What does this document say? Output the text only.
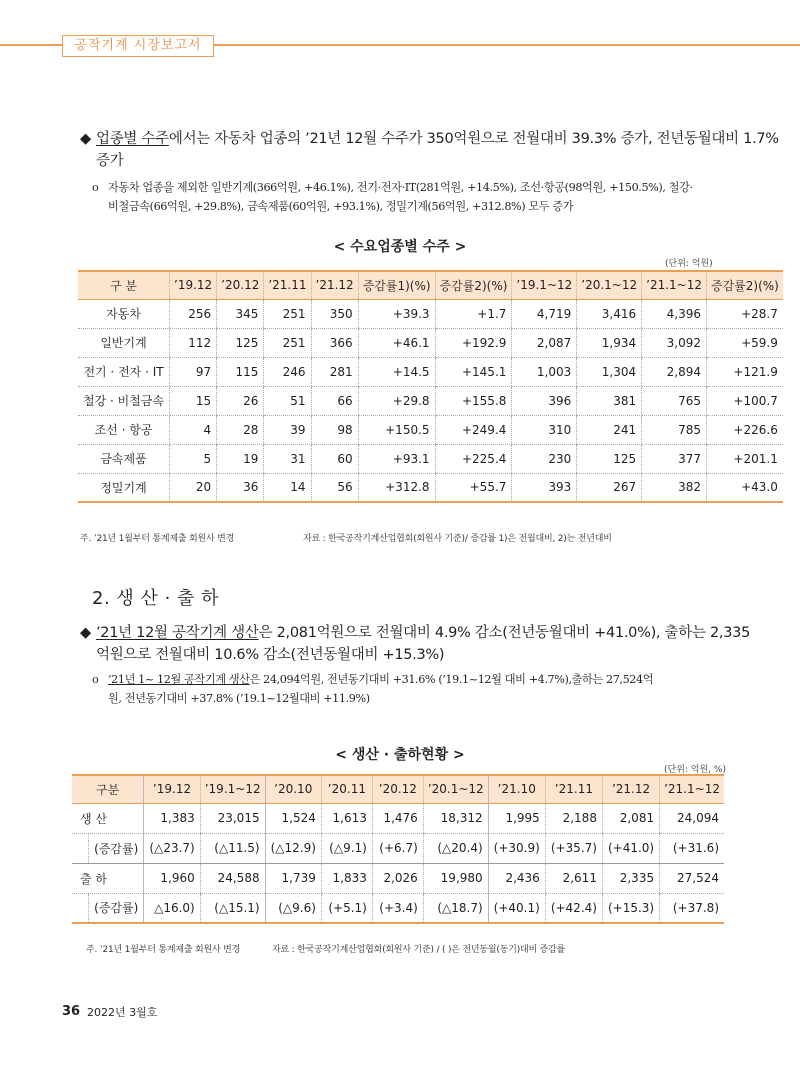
공작기계 시장보고서
◆ 업종별 수주에서는 자동차 업종의 ’21년 12월 수주가 350억원으로 전월대비 39.3% 증가, 전년동월대비 1.7%
증가
o 자동차 업종을 제외한 일반기계(366억원, +46.1%), 전기·전자·IT(281억원, +14.5%), 조선·항공(98억원, +150.5%), 철강·
비철금속(66억원, +29.8%), 금속제품(60억원, +93.1%), 정밀기계(56억원, +312.8%) 모두 증가
< 수요업종별 수주 >
(단위: 억원)
구 분	’19.12	’20.12	’21.11	’21.12	증감률1)(%)	증감률2)(%)	’19.1~12	’20.1~12	’21.1~12	증감률2)(%)
자동차	256	345	251	350	+39.3	+1.7	4,719	3,416	4,396	+28.7
일반기계	112	125	251	366	+46.1	+192.9	2,087	1,934	3,092	+59.9
전기 · 전자 · IT	97	115	246	281	+14.5	+145.1	1,003	1,304	2,894	+121.9
철강 · 비철금속	15	26	51	66	+29.8	+155.8	396	381	765	+100.7
조선 · 항공	4	28	39	98	+150.5	+249.4	310	241	785	+226.6
금속제품	5	19	31	60	+93.1	+225.4	230	125	377	+201.1
정밀기계	20	36	14	56	+312.8	+55.7	393	267	382	+43.0
주. ’21년 1월부터 통계제출 회원사 변경	자료 : 한국공작기계산업협회(회원사 기준)/ 증감률 1)은 전월대비, 2)는 전년대비
2. 생 산 · 출 하
◆ ’21년 12월 공작기계 생산은 2,081억원으로 전월대비 4.9% 감소(전년동월대비 +41.0%), 출하는 2,335
억원으로 전월대비 10.6% 감소(전년동월대비 +15.3%)
o ’21년 1~ 12월 공작기계 생산은 24,094억원, 전년동기대비 +31.6% (’19.1~12월 대비 +4.7%),출하는 27,524억
원, 전년동기대비 +37.8% (’19.1~12월대비 +11.9%)
< 생산 · 출하현황 >
(단위: 억원, %)
구분		’19.12	’19.1~12	’20.10	’20.11	’20.12	’20.1~12	’21.10	’21.11	’21.12	’21.1~12
생 산		1,383	23,015	1,524	1,613	1,476	18,312	1,995	2,188	2,081	24,094
	(증감률)	(△23.7)	(△11.5)	(△12.9)	(△9.1)	(+6.7)	(△20.4)	(+30.9)	(+35.7)	(+41.0)	(+31.6)
출 하		1,960	24,588	1,739	1,833	2,026	19,980	2,436	2,611	2,335	27,524
	(증감률)	△16.0)	(△15.1)	(△9.6)	(+5.1)	(+3.4)	(△18.7)	(+40.1)	(+42.4)	(+15.3)	(+37.8)
주. ’21년 1월부터 통계제출 회원사 변경	자료 : 한국공작기계산업협회(회원사 기준) / ( )은 전년동월(동기)대비 증감률
36 2022년 3월호
